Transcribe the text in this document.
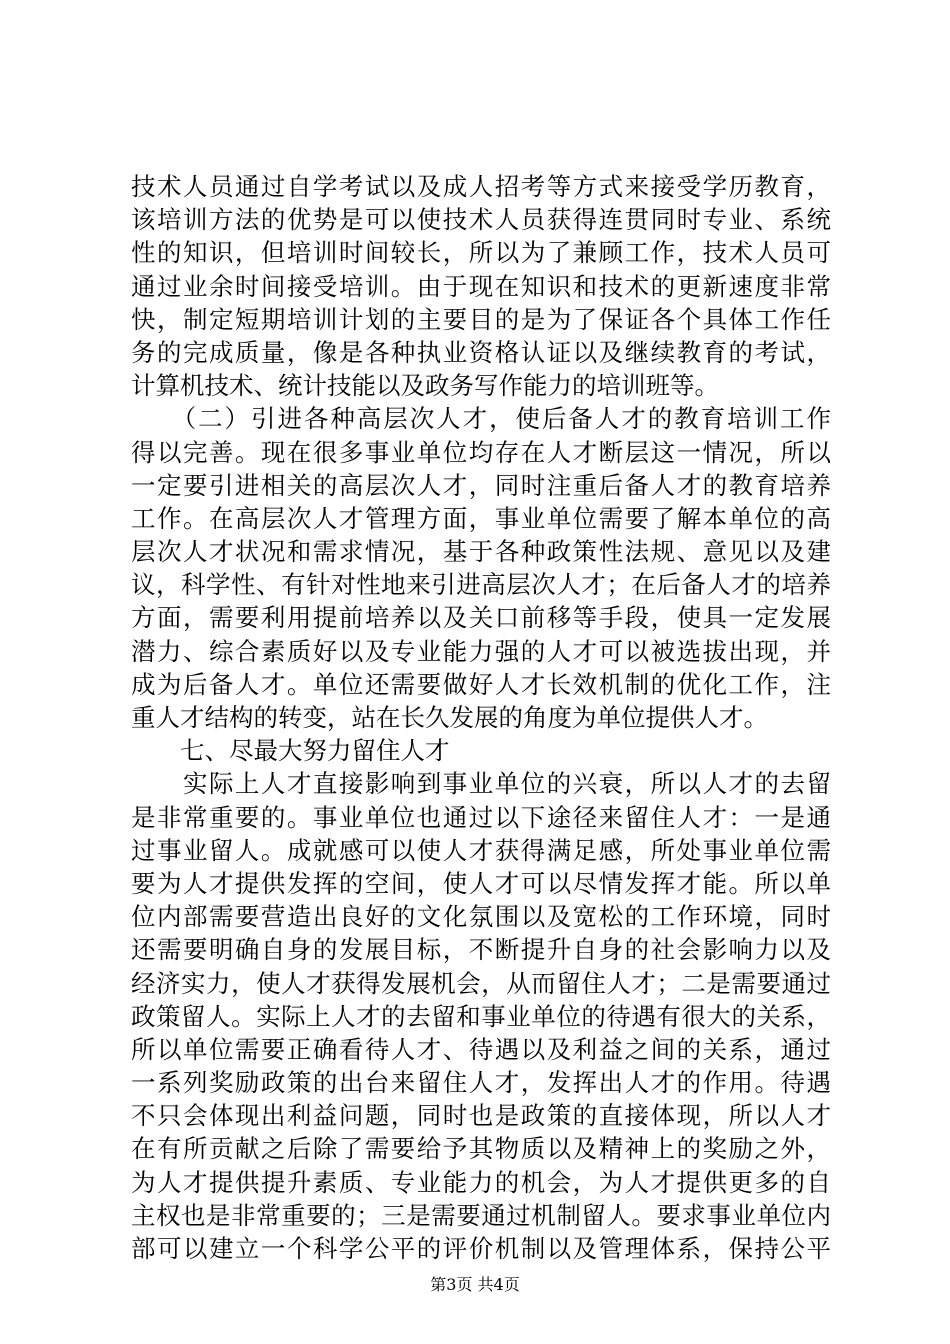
技术人员通过自学考试以及成人招考等方式来接受学历教育，
该培训方法的优势是可以使技术人员获得连贯同时专业、系统
性的知识，但培训时间较长，所以为了兼顾工作，技术人员可
通过业余时间接受培训。由于现在知识和技术的更新速度非常
快，制定短期培训计划的主要目的是为了保证各个具体工作任
务的完成质量，像是各种执业资格认证以及继续教育的考试，
计算机技术、统计技能以及政务写作能力的培训班等。
　　（二）引进各种高层次人才，使后备人才的教育培训工作
得以完善。现在很多事业单位均存在人才断层这一情况，所以
一定要引进相关的高层次人才，同时注重后备人才的教育培养
工作。在高层次人才管理方面，事业单位需要了解本单位的高
层次人才状况和需求情况，基于各种政策性法规、意见以及建
议，科学性、有针对性地来引进高层次人才；在后备人才的培养
方面，需要利用提前培养以及关口前移等手段，使具一定发展
潜力、综合素质好以及专业能力强的人才可以被选拔出现，并
成为后备人才。单位还需要做好人才长效机制的优化工作，注
重人才结构的转变，站在长久发展的角度为单位提供人才。
　　七、尽最大努力留住人才
　　实际上人才直接影响到事业单位的兴衰，所以人才的去留
是非常重要的。事业单位也通过以下途径来留住人才：一是通
过事业留人。成就感可以使人才获得满足感，所处事业单位需
要为人才提供发挥的空间，使人才可以尽情发挥才能。所以单
位内部需要营造出良好的文化氛围以及宽松的工作环境，同时
还需要明确自身的发展目标，不断提升自身的社会影响力以及
经济实力，使人才获得发展机会，从而留住人才；二是需要通过
政策留人。实际上人才的去留和事业单位的待遇有很大的关系，
所以单位需要正确看待人才、待遇以及利益之间的关系，通过
一系列奖励政策的出台来留住人才，发挥出人才的作用。待遇
不只会体现出利益问题，同时也是政策的直接体现，所以人才
在有所贡献之后除了需要给予其物质以及精神上的奖励之外，
为人才提供提升素质、专业能力的机会，为人才提供更多的自
主权也是非常重要的；三是需要通过机制留人。要求事业单位内
部可以建立一个科学公平的评价机制以及管理体系，保持公平
第3页 共4页
